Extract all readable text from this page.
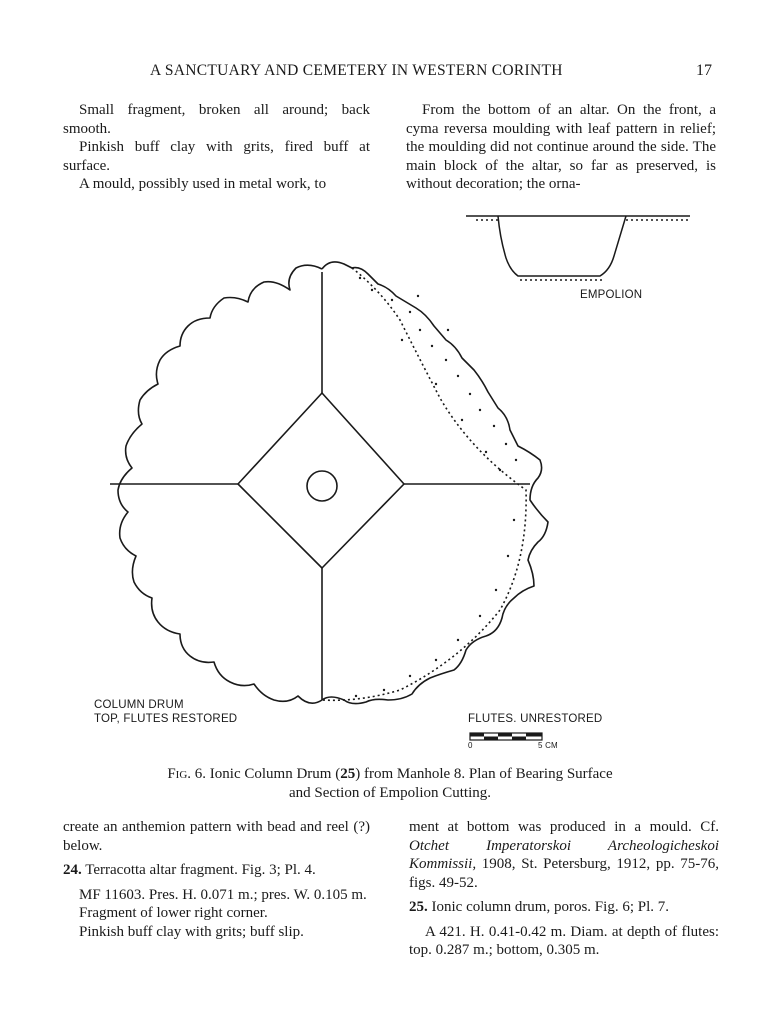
A SANCTUARY AND CEMETERY IN WESTERN CORINTH	17

Small fragment, broken all around; back smooth.

Pinkish buff clay with grits, fired buff at surface.

A mould, possibly used in metal work, to

From the bottom of an altar. On the front, a cyma reversa moulding with leaf pattern in relief; the moulding did not continue around the side. The main block of the altar, so far as preserved, is without decoration; the orna-

EMPOLION
COLUMN DRUM
TOP, FLUTES RESTORED	FLUTES. UNRESTORED
0	5 CM
Fig. 6. Ionic Column Drum (25) from Manhole 8. Plan of Bearing Surface
and Section of Empolion Cutting.

create an anthemion pattern with bead and reel (?) below.

24. Terracotta altar fragment. Fig. 3; Pl. 4.

MF 11603. Pres. H. 0.071 m.; pres. W. 0.105 m.

Fragment of lower right corner.

Pinkish buff clay with grits; buff slip.

ment at bottom was produced in a mould. Cf. Otchet Imperatorskoi Archeologicheskoi Kommissii, 1908, St. Petersburg, 1912, pp. 75-76, figs. 49-52.

25. Ionic column drum, poros. Fig. 6; Pl. 7.

A 421. H. 0.41-0.42 m. Diam. at depth of flutes: top. 0.287 m.; bottom, 0.305 m.
